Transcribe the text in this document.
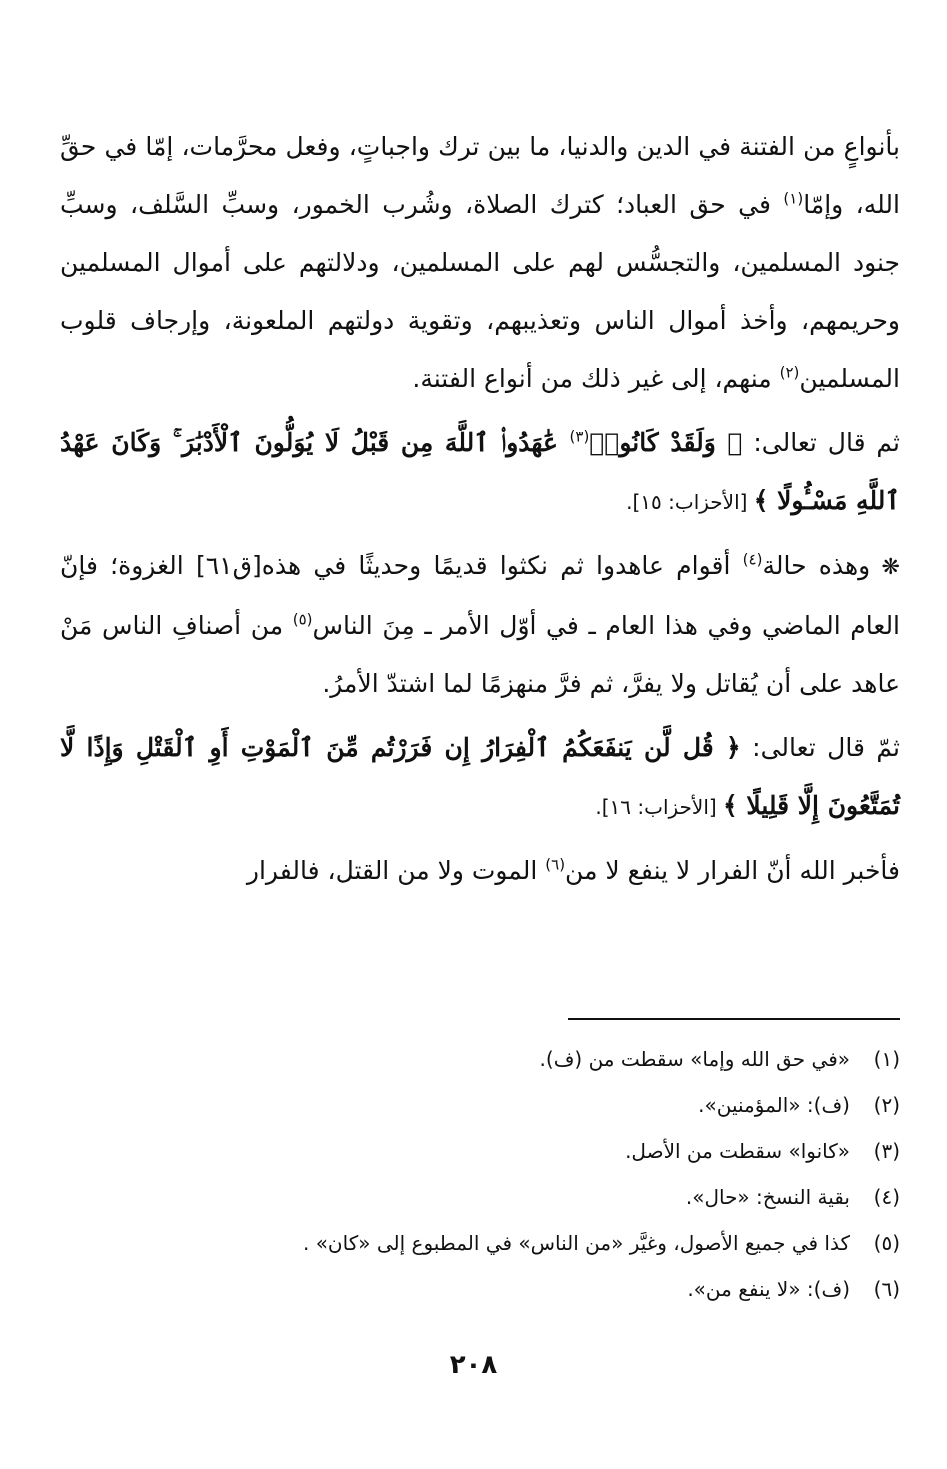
بأنواعٍ من الفتنة في الدين والدنيا، ما بين ترك واجباتٍ، وفعل محرَّمات، إمّا في حقِّ الله، وإمّا$^{(١)}$ في حق العباد؛ كترك الصلاة، وشُرب الخمور، وسبِّ السَّلف، وسبِّ جنود المسلمين، والتجسُّس لهم على المسلمين، ودلالتهم على أموال المسلمين وحريمهم، وأخذ أموال الناس وتعذيبهم، وتقوية دولتهم الملعونة، وإرجاف قلوب المسلمين$^{(٢)}$ منهم، إلى غير ذلك من أنواع الفتنة.

ثم قال تعالى: ﴿ وَلَقَدْ كَانُوا۟$^{(٣)}$ عَٰهَدُوا۟ ٱللَّهَ مِن قَبْلُ لَا يُوَلُّونَ ٱلْأَدْبَٰرَ ۚ وَكَانَ عَهْدُ ٱللَّهِ مَسْـُٔولًا ﴾ [الأحزاب: ١٥].

❋ وهذه حالة$^{(٤)}$ أقوام عاهدوا ثم نكثوا قديمًا وحديثًا في هذه[ق٦١] الغزوة؛ فإنّ العام الماضي وفي هذا العام ـ في أوّل الأمر ـ مِنَ الناس$^{(٥)}$ من أصنافِ الناس مَنْ عاهد على أن يُقاتل ولا يفرَّ، ثم فرَّ منهزمًا لما اشتدّ الأمرُ.

ثمّ قال تعالى: ﴿ قُل لَّن يَنفَعَكُمُ ٱلْفِرَارُ إِن فَرَرْتُم مِّنَ ٱلْمَوْتِ أَوِ ٱلْقَتْلِ وَإِذًا لَّا تُمَتَّعُونَ إِلَّا قَلِيلًا ﴾ [الأحزاب: ١٦].

فأخبر الله أنّ الفرار لا ينفع لا من$^{(٦)}$ الموت ولا من القتل، فالفرار

(١)
«في حق الله وإما» سقطت من (ف).
(٢)
(ف): «المؤمنين».
(٣)
«كانوا» سقطت من الأصل.
(٤)
بقية النسخ: «حال».
(٥)
كذا في جميع الأصول، وغيَّر «من الناس» في المطبوع إلى «كان» .
(٦)
(ف): «لا ينفع من».
٢٠٨
